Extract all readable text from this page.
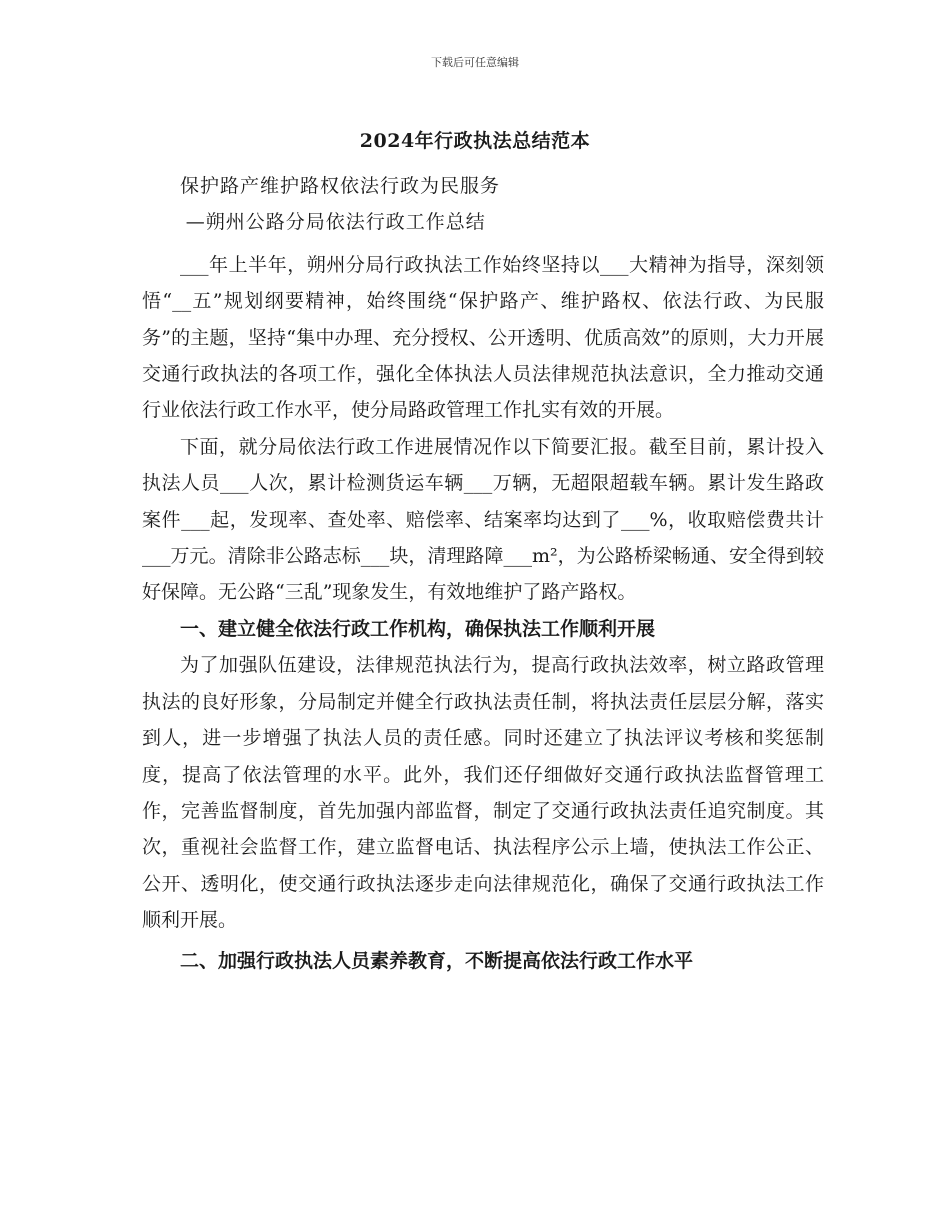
下载后可任意编辑
2024年行政执法总结范本

保护路产维护路权依法行政为民服务

—朔州公路分局依法行政工作总结

___年上半年，朔州分局行政执法工作始终坚持以___大精神为指导，深刻领悟“__五”规划纲要精神，始终围绕“保护路产、维护路权、依法行政、为民服务”的主题，坚持“集中办理、充分授权、公开透明、优质高效”的原则，大力开展交通行政执法的各项工作，强化全体执法人员法律规范执法意识，全力推动交通行业依法行政工作水平，使分局路政管理工作扎实有效的开展。

下面，就分局依法行政工作进展情况作以下简要汇报。截至目前，累计投入执法人员___人次，累计检测货运车辆___万辆，无超限超载车辆。累计发生路政案件___起，发现率、查处率、赔偿率、结案率均达到了___%，收取赔偿费共计___万元。清除非公路志标___块，清理路障___m²，为公路桥梁畅通、安全得到较好保障。无公路“三乱”现象发生，有效地维护了路产路权。

一、建立健全依法行政工作机构，确保执法工作顺利开展

为了加强队伍建设，法律规范执法行为，提高行政执法效率，树立路政管理执法的良好形象，分局制定并健全行政执法责任制，将执法责任层层分解，落实到人，进一步增强了执法人员的责任感。同时还建立了执法评议考核和奖惩制度，提高了依法管理的水平。此外，我们还仔细做好交通行政执法监督管理工作，完善监督制度，首先加强内部监督，制定了交通行政执法责任追究制度。其次，重视社会监督工作，建立监督电话、执法程序公示上墙，使执法工作公正、公开、透明化，使交通行政执法逐步走向法律规范化，确保了交通行政执法工作顺利开展。

二、加强行政执法人员素养教育，不断提高依法行政工作水平
